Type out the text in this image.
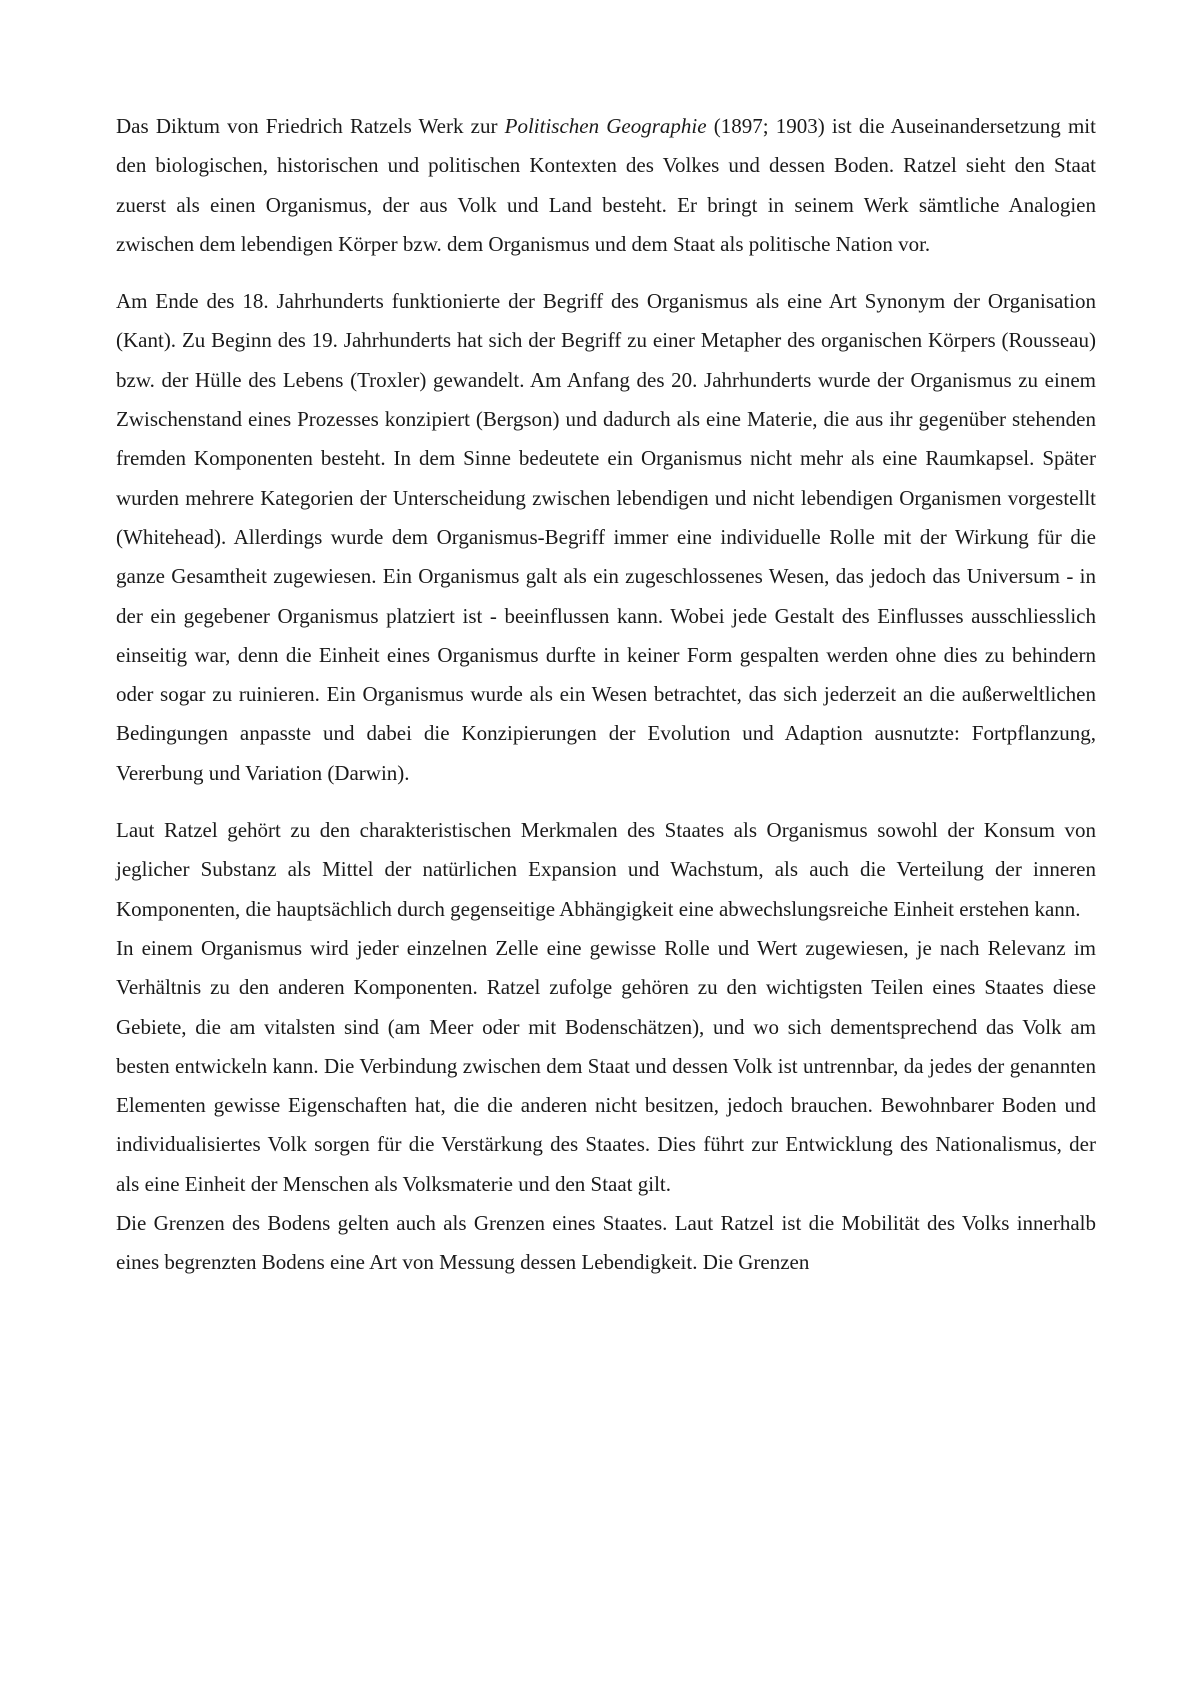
Das Diktum von Friedrich Ratzels Werk zur Politischen Geographie (1897; 1903) ist die Auseinandersetzung mit den biologischen, historischen und politischen Kontexten des Volkes und dessen Boden. Ratzel sieht den Staat zuerst als einen Organismus, der aus Volk und Land besteht. Er bringt in seinem Werk sämtliche Analogien zwischen dem lebendigen Körper bzw. dem Organismus und dem Staat als politische Nation vor.

Am Ende des 18. Jahrhunderts funktionierte der Begriff des Organismus als eine Art Synonym der Organisation (Kant). Zu Beginn des 19. Jahrhunderts hat sich der Begriff zu einer Metapher des organischen Körpers (Rousseau) bzw. der Hülle des Lebens (Troxler) gewandelt. Am Anfang des 20. Jahrhunderts wurde der Organismus zu einem Zwischenstand eines Prozesses konzipiert (Bergson) und dadurch als eine Materie, die aus ihr gegenüber stehenden fremden Komponenten besteht. In dem Sinne bedeutete ein Organismus nicht mehr als eine Raumkapsel. Später wurden mehrere Kategorien der Unterscheidung zwischen lebendigen und nicht lebendigen Organismen vorgestellt (Whitehead). Allerdings wurde dem Organismus-Begriff immer eine individuelle Rolle mit der Wirkung für die ganze Gesamtheit zugewiesen. Ein Organismus galt als ein zugeschlossenes Wesen, das jedoch das Universum - in der ein gegebener Organismus platziert ist - beeinflussen kann. Wobei jede Gestalt des Einflusses ausschliesslich einseitig war, denn die Einheit eines Organismus durfte in keiner Form gespalten werden ohne dies zu behindern oder sogar zu ruinieren. Ein Organismus wurde als ein Wesen betrachtet, das sich jederzeit an die außerweltlichen Bedingungen anpasste und dabei die Konzipierungen der Evolution und Adaption ausnutzte: Fortpflanzung, Vererbung und Variation (Darwin).

Laut Ratzel gehört zu den charakteristischen Merkmalen des Staates als Organismus sowohl der Konsum von jeglicher Substanz als Mittel der natürlichen Expansion und Wachstum, als auch die Verteilung der inneren Komponenten, die hauptsächlich durch gegenseitige Abhängigkeit eine abwechslungsreiche Einheit erstehen kann.

In einem Organismus wird jeder einzelnen Zelle eine gewisse Rolle und Wert zugewiesen, je nach Relevanz im Verhältnis zu den anderen Komponenten. Ratzel zufolge gehören zu den wichtigsten Teilen eines Staates diese Gebiete, die am vitalsten sind (am Meer oder mit Bodenschätzen), und wo sich dementsprechend das Volk am besten entwickeln kann. Die Verbindung zwischen dem Staat und dessen Volk ist untrennbar, da jedes der genannten Elementen gewisse Eigenschaften hat, die die anderen nicht besitzen, jedoch brauchen. Bewohnbarer Boden und individualisiertes Volk sorgen für die Verstärkung des Staates. Dies führt zur Entwicklung des Nationalismus, der als eine Einheit der Menschen als Volksmaterie und den Staat gilt.

Die Grenzen des Bodens gelten auch als Grenzen eines Staates. Laut Ratzel ist die Mobilität des Volks innerhalb eines begrenzten Bodens eine Art von Messung dessen Lebendigkeit. Die Grenzen
